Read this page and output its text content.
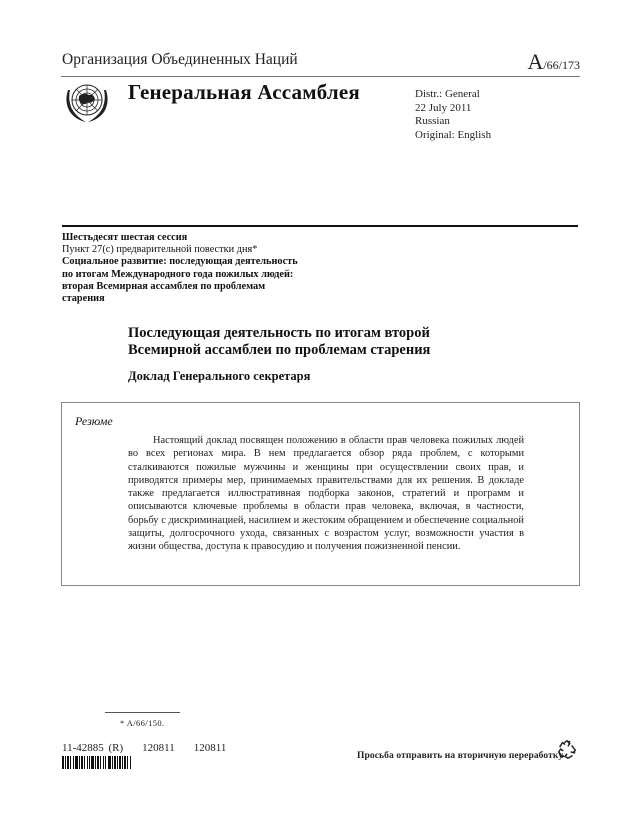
Организация Объединенных Наций	A/66/173
Генеральная Ассамблея	Distr.: General
22 July 2011
Russian
Original: English
Шестьдесят шестая сессия
Пункт 27(c) предварительной повестки дня*
Социальное развитие: последующая деятельность
по итогам Международного года пожилых людей:
вторая Всемирная ассамблея по проблемам
старения
Последующая деятельность по итогам второй
Всемирной ассамблеи по проблемам старения
Доклад Генерального секретаря
Резюме
Настоящий доклад посвящен положению в области прав человека пожилых людей во всех регионах мира. В нем предлагается обзор ряда проблем, с которыми сталкиваются пожилые мужчины и женщины при осуществлении своих прав, и приводятся примеры мер, принимаемых правительствами для их решения. В докладе также предлагается иллюстративная подборка законов, стратегий и программ и описываются ключевые проблемы в области прав человека, включая, в частности, борьбу с дискриминацией, насилием и жестоким обращением и обеспечение социальной защиты, долгосрочного ухода, связанных с возрастом услуг, возможности участия в жизни общества, доступа к правосудию и получения пожизненной пенсии.
* A/66/150.
11-42885 (R)    120811    120811
Просьба отправить на вторичную переработку
